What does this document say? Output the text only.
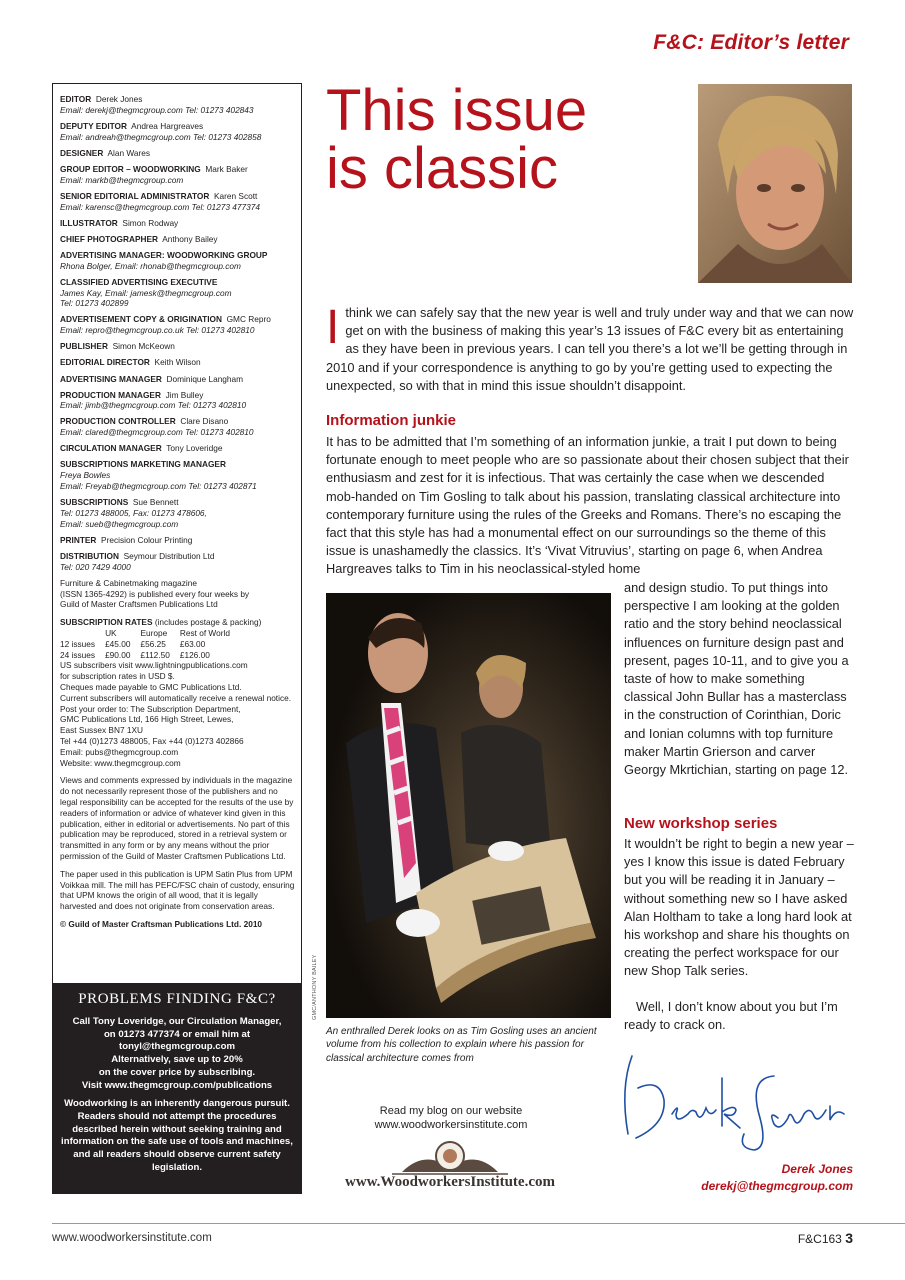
F&C: Editor’s letter
EDITOR Derek Jones
Email: derekj@thegmcgroup.com Tel: 01273 402843
DEPUTY EDITOR Andrea Hargreaves
Email: andreah@thegmcgroup.com Tel: 01273 402858
DESIGNER Alan Wares
GROUP EDITOR – WOODWORKING Mark Baker
Email: markb@thegmcgroup.com
SENIOR EDITORIAL ADMINISTRATOR Karen Scott
Email: karensc@thegmcgroup.com Tel: 01273 477374
ILLUSTRATOR Simon Rodway
CHIEF PHOTOGRAPHER Anthony Bailey
ADVERTISING MANAGER: WOODWORKING GROUP
Rhona Bolger, Email: rhonab@thegmcgroup.com
CLASSIFIED ADVERTISING EXECUTIVE
James Kay, Email: jamesk@thegmcgroup.com
Tel: 01273 402899
ADVERTISEMENT COPY & ORIGINATION GMC Repro
Email: repro@thegmcgroup.co.uk Tel: 01273 402810
PUBLISHER Simon McKeown
EDITORIAL DIRECTOR Keith Wilson
ADVERTISING MANAGER Dominique Langham
PRODUCTION MANAGER Jim Bulley
Email: jimb@thegmcgroup.com Tel: 01273 402810
PRODUCTION CONTROLLER Clare Disano
Email: clared@thegmcgroup.com Tel: 01273 402810
CIRCULATION MANAGER Tony Loveridge
SUBSCRIPTIONS MARKETING MANAGER
Freya Bowles
Email: Freyab@thegmcgroup.com Tel: 01273 402871
SUBSCRIPTIONS Sue Bennett
Tel: 01273 488005, Fax: 01273 478606,
Email: sueb@thegmcgroup.com
PRINTER Precision Colour Printing
DISTRIBUTION Seymour Distribution Ltd
Tel: 020 7429 4000
Furniture & Cabinetmaking magazine
(ISSN 1365-4292) is published every four weeks by
Guild of Master Craftsmen Publications Ltd
SUBSCRIPTION RATES (includes postage & packing)
	UK	Europe	Rest of World
12 issues	£45.00	£56.25	£63.00
24 issues	£90.00	£112.50	£126.00
US subscribers visit www.lightningpublications.com
for subscription rates in USD $.
Cheques made payable to GMC Publications Ltd.
Current subscribers will automatically receive a renewal notice.
Post your order to: The Subscription Department,
GMC Publications Ltd, 166 High Street, Lewes,
East Sussex BN7 1XU
Tel +44 (0)1273 488005, Fax +44 (0)1273 402866
Email: pubs@thegmcgroup.com
Website: www.thegmcgroup.com
Views and comments expressed by individuals in the magazine do not necessarily represent those of the publishers and no legal responsibility can be accepted for the results of the use by readers of information or advice of whatever kind given in this publication, either in editorial or advertisements. No part of this publication may be reproduced, stored in a retrieval system or transmitted in any form or by any means without the prior permission of the Guild of Master Craftsmen Publications Ltd.
The paper used in this publication is UPM Satin Plus from UPM Voikkaa mill. The mill has PEFC/FSC chain of custody, ensuring that UPM knows the origin of all wood, that it is legally harvested and does not originate from conservation areas.
© Guild of Master Craftsman Publications Ltd. 2010
PROBLEMS FINDING F&C?
Call Tony Loveridge, our Circulation Manager,
on 01273 477374 or email him at
tonyl@thegmcgroup.com
Alternatively, save up to 20%
on the cover price by subscribing.
Visit www.thegmcgroup.com/publications
Woodworking is an inherently dangerous pursuit. Readers should not attempt the procedures described herein without seeking training and information on the safe use of tools and machines, and all readers should observe current safety legislation.
This issue
is classic
I think we can safely say that the new year is well and truly under way and that we can now get on with the business of making this year’s 13 issues of F&C every bit as entertaining as they have been in previous years. I can tell you there’s a lot we’ll be getting through in 2010 and if your correspondence is anything to go by you’re getting used to expecting the unexpected, so with that in mind this issue shouldn’t disappoint.
Information junkie
It has to be admitted that I’m something of an information junkie, a trait I put down to being fortunate enough to meet people who are so passionate about their chosen subject that their enthusiasm and zest for it is infectious. That was certainly the case when we descended mob-handed on Tim Gosling to talk about his passion, translating classical architecture into contemporary furniture using the rules of the Greeks and Romans. There’s no escaping the fact that this style has had a monumental effect on our surroundings so the theme of this issue is unashamedly the classics. It’s ‘Vivat Vitruvius’, starting on page 6, when Andrea Hargreaves talks to Tim in his neoclassical-styled home
and design studio. To put things into perspective I am looking at the golden ratio and the story behind neoclassical influences on furniture design past and present, pages 10-11, and to give you a taste of how to make something classical John Bullar has a masterclass in the construction of Corinthian, Doric and Ionian columns with top furniture maker Martin Grierson and carver Georgy Mkrtichian, starting on page 12.
GMC/ANTHONY BAILEY
An enthralled Derek looks on as Tim Gosling uses an ancient volume from his collection to explain where his passion for classical architecture comes from
New workshop series
It wouldn’t be right to begin a new year – yes I know this issue is dated February but you will be reading it in January – without something new so I have asked Alan Holtham to take a long hard look at his workshop and share his thoughts on creating the perfect workspace for our new Shop Talk series.
Well, I don’t know about you but I’m ready to crack on.
Read my blog on our website
www.woodworkersinstitute.com
www.WoodworkersInstitute.com
Derek Jones
derekj@thegmcgroup.com
www.woodworkersinstitute.com	F&C163 3
